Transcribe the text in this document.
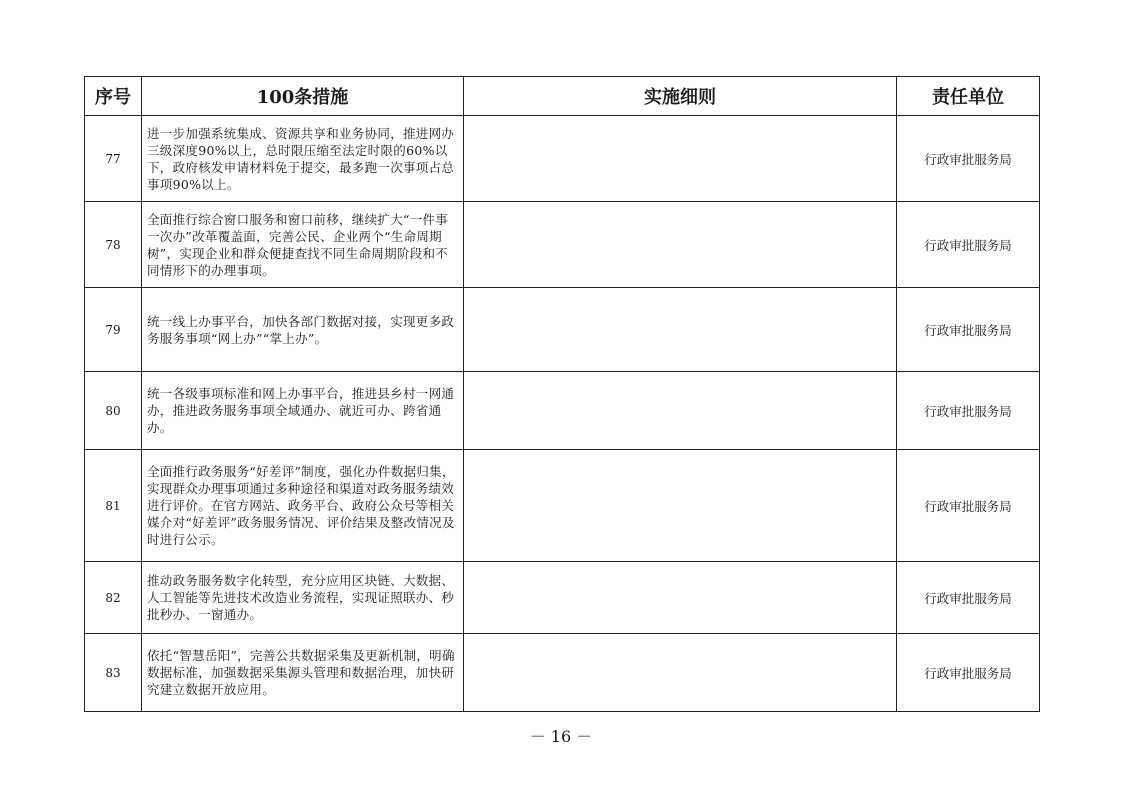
序号	100条措施	实施细则	责任单位
77	进一步加强系统集成、资源共享和业务协同，推进网办三级深度90%以上，总时限压缩至法定时限的60%以下，政府核发申请材料免于提交，最多跑一次事项占总事项90%以上。		行政审批服务局
78	全面推行综合窗口服务和窗口前移，继续扩大“一件事一次办”改革覆盖面，完善公民、企业两个“生命周期树”，实现企业和群众便捷查找不同生命周期阶段和不同情形下的办理事项。		行政审批服务局
79	统一线上办事平台，加快各部门数据对接，实现更多政务服务事项“网上办”“掌上办”。		行政审批服务局
80	统一各级事项标准和网上办事平台，推进县乡村一网通办，推进政务服务事项全域通办、就近可办、跨省通办。		行政审批服务局
81	全面推行政务服务“好差评”制度，强化办件数据归集，实现群众办理事项通过多种途径和渠道对政务服务绩效进行评价。在官方网站、政务平台、政府公众号等相关媒介对“好差评”政务服务情况、评价结果及整改情况及时进行公示。		行政审批服务局
82	推动政务服务数字化转型，充分应用区块链、大数据、人工智能等先进技术改造业务流程，实现证照联办、秒批秒办、一窗通办。		行政审批服务局
83	依托“智慧岳阳”，完善公共数据采集及更新机制，明确数据标准，加强数据采集源头管理和数据治理，加快研究建立数据开放应用。		行政审批服务局
－ 16 －
